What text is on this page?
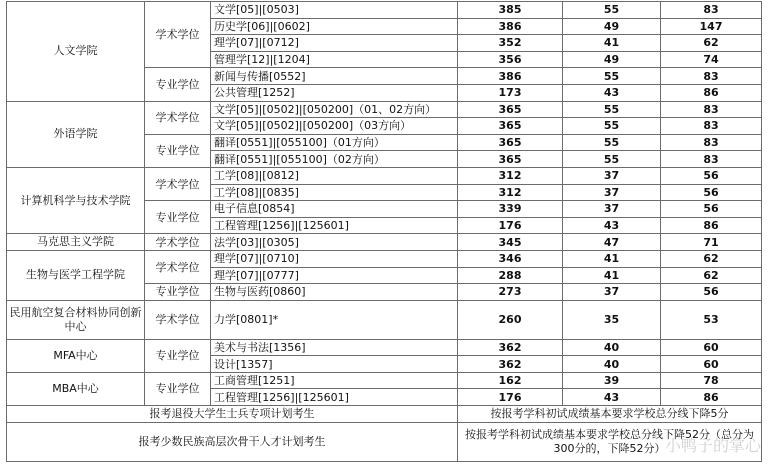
人文学院	学术学位	文学[05]|[0503]	385	55	83
		历史学[06]|[0602]	386	49	147
		理学[07]|[0712]	352	41	62
		管理学[12]|[1204]	356	49	74
	专业学位	新闻与传播[0552]	386	55	83
		公共管理[1252]	173	43	86
外语学院	学术学位	文学[05]|[0502]|[050200]（01、02方向）	365	55	83
		文学[05]|[0502]|[050200]（03方向）	365	55	83
	专业学位	翻译[0551]|[055100]（01方向）	365	55	83
		翻译[0551]|[055100]（02方向）	365	55	83
计算机科学与技术学院	学术学位	工学[08]|[0812]	312	37	56
		工学[08]|[0835]	312	37	56
	专业学位	电子信息[0854]	339	37	56
		工程管理[1256]|[125601]	176	43	86
马克思主义学院	学术学位	法学[03]|[0305]	345	47	71
生物与医学工程学院	学术学位	理学[07]|[0710]	346	41	62
		理学[07]|[0777]	288	41	62
	专业学位	生物与医药[0860]	273	37	56
民用航空复合材料协同创新中心	学术学位	力学[0801]*	260	35	53
MFA中心	专业学位	美术与书法[1356]	362	40	60
		设计[1357]	362	40	60
MBA中心	专业学位	工商管理[1251]	162	39	78
		工程管理[1256]|[125601]	176	43	86
报考退役大学生士兵专项计划考生			按报考学科初试成绩基本要求学校总分线下降5分		
报考少数民族高层次骨干人才计划考生			按报考学科初试成绩基本要求学校总分线下降52分（总分为300分的，下降52分）		小鸭子的掌心
